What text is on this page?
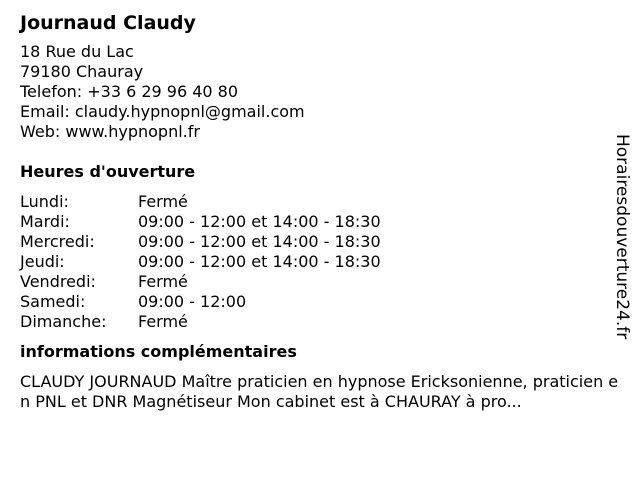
Journaud Claudy
18 Rue du Lac
79180 Chauray
Telefon: +33 6 29 96 40 80
Email: claudy.hypnopnl@gmail.com
Web: www.hypnopnl.fr
Heures d'ouverture
Lundi:	Fermé
Mardi:	09:00 - 12:00 et 14:00 - 18:30
Mercredi:	09:00 - 12:00 et 14:00 - 18:30
Jeudi:	09:00 - 12:00 et 14:00 - 18:30
Vendredi:	Fermé
Samedi:	09:00 - 12:00
Dimanche:	Fermé
informations complémentaires
CLAUDY JOURNAUD Maître praticien en hypnose Ericksonienne, praticien en PNL et DNR Magnétiseur Mon cabinet est à CHAURAY à pro...
Horairesdouverture24.fr
